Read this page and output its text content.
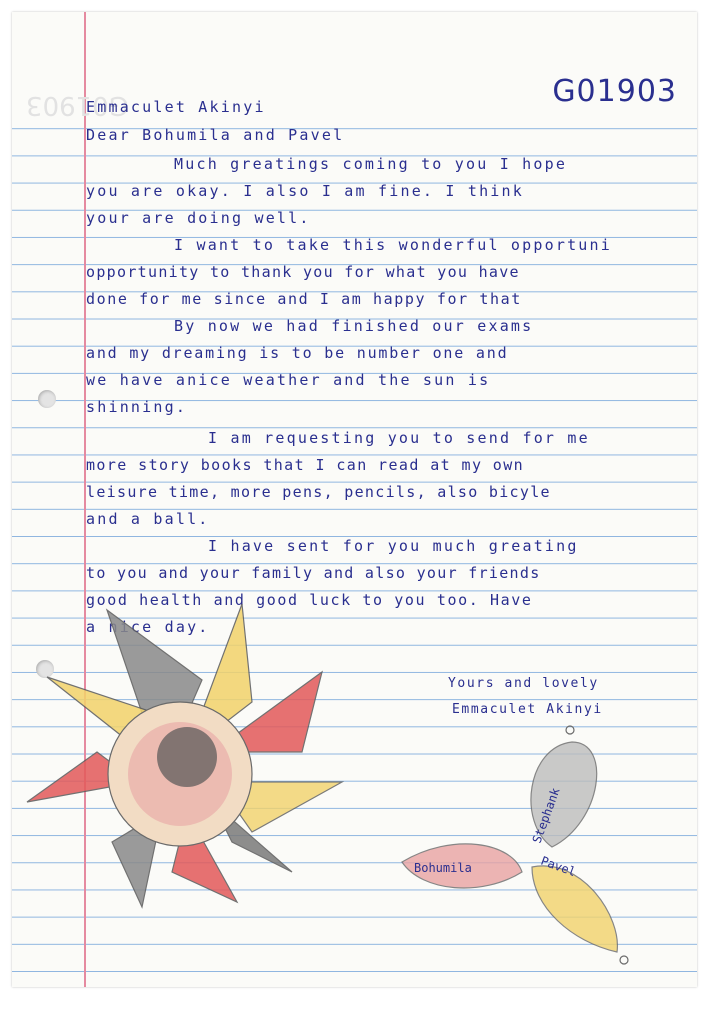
G01903	G01903
Emmaculet Akinyi
Dear Bohumila and Pavel
Much greatings coming to you I hope
you are okay. I also I am fine. I think
your are doing well.
I want to take this wonderful opportuni
opportunity to thank you for what you have
done for me since and I am happy for that
By now we had finished our exams
and my dreaming is to be number one and
we have anice weather and the sun is
shinning.
I am requesting you to send for me
more story books that I can read at my own
leisure time, more pens, pencils, also bicyle
and a ball.
I have sent for you much greating
to you and your family and also your friends
good health and good luck to you too. Have
a nice day.
Yours and lovely
Emmaculet Akinyi
Stephank
Bohumila	Pavel
